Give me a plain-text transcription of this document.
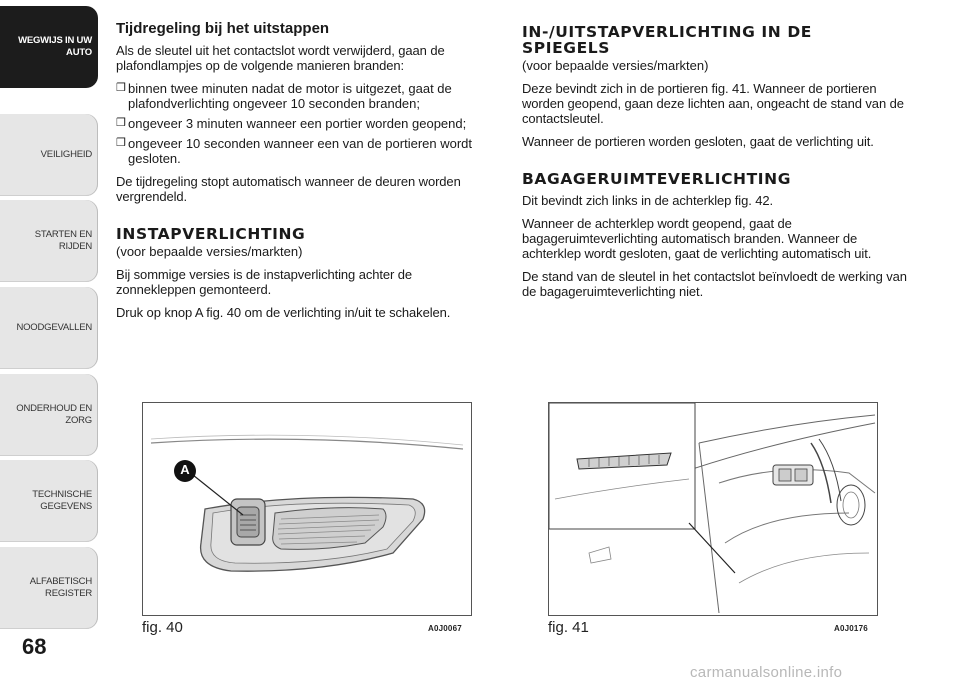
WEGWIJS IN UW AUTO
VEILIGHEID
STARTEN EN RIJDEN
NOODGEVALLEN
ONDERHOUD EN ZORG
TECHNISCHE GEGEVENS
ALFABETISCH REGISTER
68
Tijdregeling bij het uitstappen

Als de sleutel uit het contactslot wordt verwijderd, gaan de plafondlampjes op de volgende manieren branden:

❒ binnen twee minuten nadat de motor is uitgezet, gaat de plafondverlichting ongeveer 10 seconden branden;
❒ ongeveer 3 minuten wanneer een portier worden geopend;
❒ ongeveer 10 seconden wanneer een van de portieren wordt gesloten.

De tijdregeling stopt automatisch wanneer de deuren worden vergrendeld.

INSTAPVERLICHTING
(voor bepaalde versies/markten)

Bij sommige versies is de instapverlichting achter de zonnekleppen gemonteerd.

Druk op knop A fig. 40 om de verlichting in/uit te schakelen.

IN-/UITSTAPVERLICHTING IN DE SPIEGELS
(voor bepaalde versies/markten)

Deze bevindt zich in de portieren fig. 41. Wanneer de portieren worden geopend, gaan deze lichten aan, ongeacht de stand van de contactsleutel.

Wanneer de portieren worden gesloten, gaat de verlichting uit.

BAGAGERUIMTEVERLICHTING

Dit bevindt zich links in de achterklep fig. 42.

Wanneer de achterklep wordt geopend, gaat de bagageruimteverlichting automatisch branden. Wanneer de achterklep wordt gesloten, gaat de verlichting automatisch uit.

De stand van de sleutel in het contactslot beïnvloedt de werking van de bagageruimteverlichting niet.

A
fig. 40	A0J0067	fig. 41	A0J0176
carmanualsonline.info
